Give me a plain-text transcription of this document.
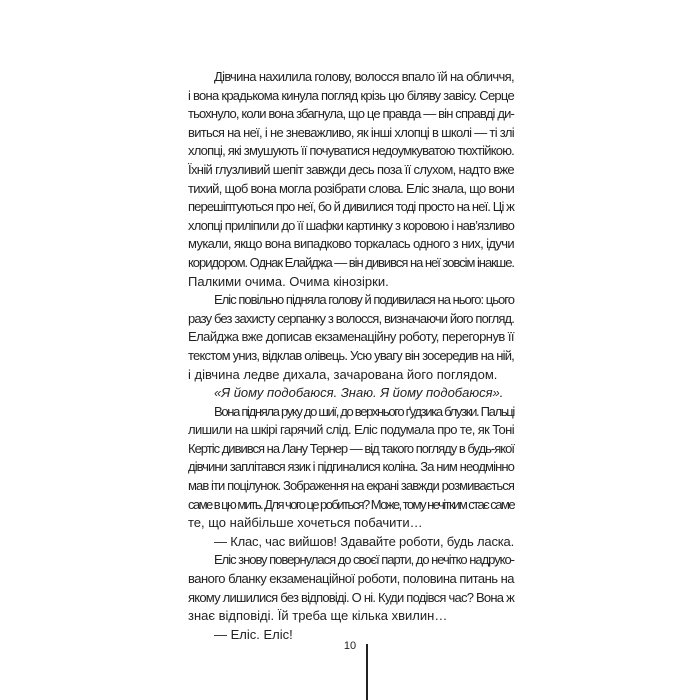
Дівчина нахилила голову, волосся впало їй на обличчя,
і вона крадькома кинула погляд крізь цю біляву завісу. Серце
тьохнуло, коли вона збагнула, що це правда — він справді ди-
виться на неї, і не зневажливо, як інші хлопці в школі — ті злі
хлопці, які змушують її почуватися недоумкуватою тюхтійкою.
Їхній глузливий шепіт завжди десь поза її слухом, надто вже
тихий, щоб вона могла розібрати слова. Еліс знала, що вони
перешіптуються про неї, бо й дивилися тоді просто на неї. Ці ж
хлопці приліпили до її шафки картинку з коровою і нав’язливо
мукали, якщо вона випадково торкалась одного з них, ідучи
коридором. Однак Елайджа — він дивився на неї зовсім інакше.
Палкими очима. Очима кінозірки.
Еліс повільно підняла голову й подивилася на нього: цього
разу без захисту серпанку з волосся, визначаючи його погляд.
Елайджа вже дописав екзаменаційну роботу, перегорнув її
текстом униз, відклав олівець. Усю увагу він зосередив на ній,
і дівчина ледве дихала, зачарована його поглядом.
«Я йому подобаюся. Знаю. Я йому подобаюся».
Вона підняла руку до шиї, до верхнього ґудзика блузки. Пальці
лишили на шкірі гарячий слід. Еліс подумала про те, як Тоні
Кертіс дивився на Лану Тернер — від такого погляду в будь-якої
дівчини заплітався язик і підгиналися коліна. За ним неодмінно
мав іти поцілунок. Зображення на екрані завжди розмивається
саме в цю мить. Для чого це робиться? Може, тому нечітким стає саме
те, що найбільше хочеться побачити…
— Клас, час вийшов! Здавайте роботи, будь ласка.
Еліс знову повернулася до своєї парти, до нечітко надруко-
ваного бланку екзаменаційної роботи, половина питань на
якому лишилися без відповіді. О ні. Куди подівся час? Вона ж
знає відповіді. Їй треба ще кілька хвилин…
— Еліс. Еліс!
10
